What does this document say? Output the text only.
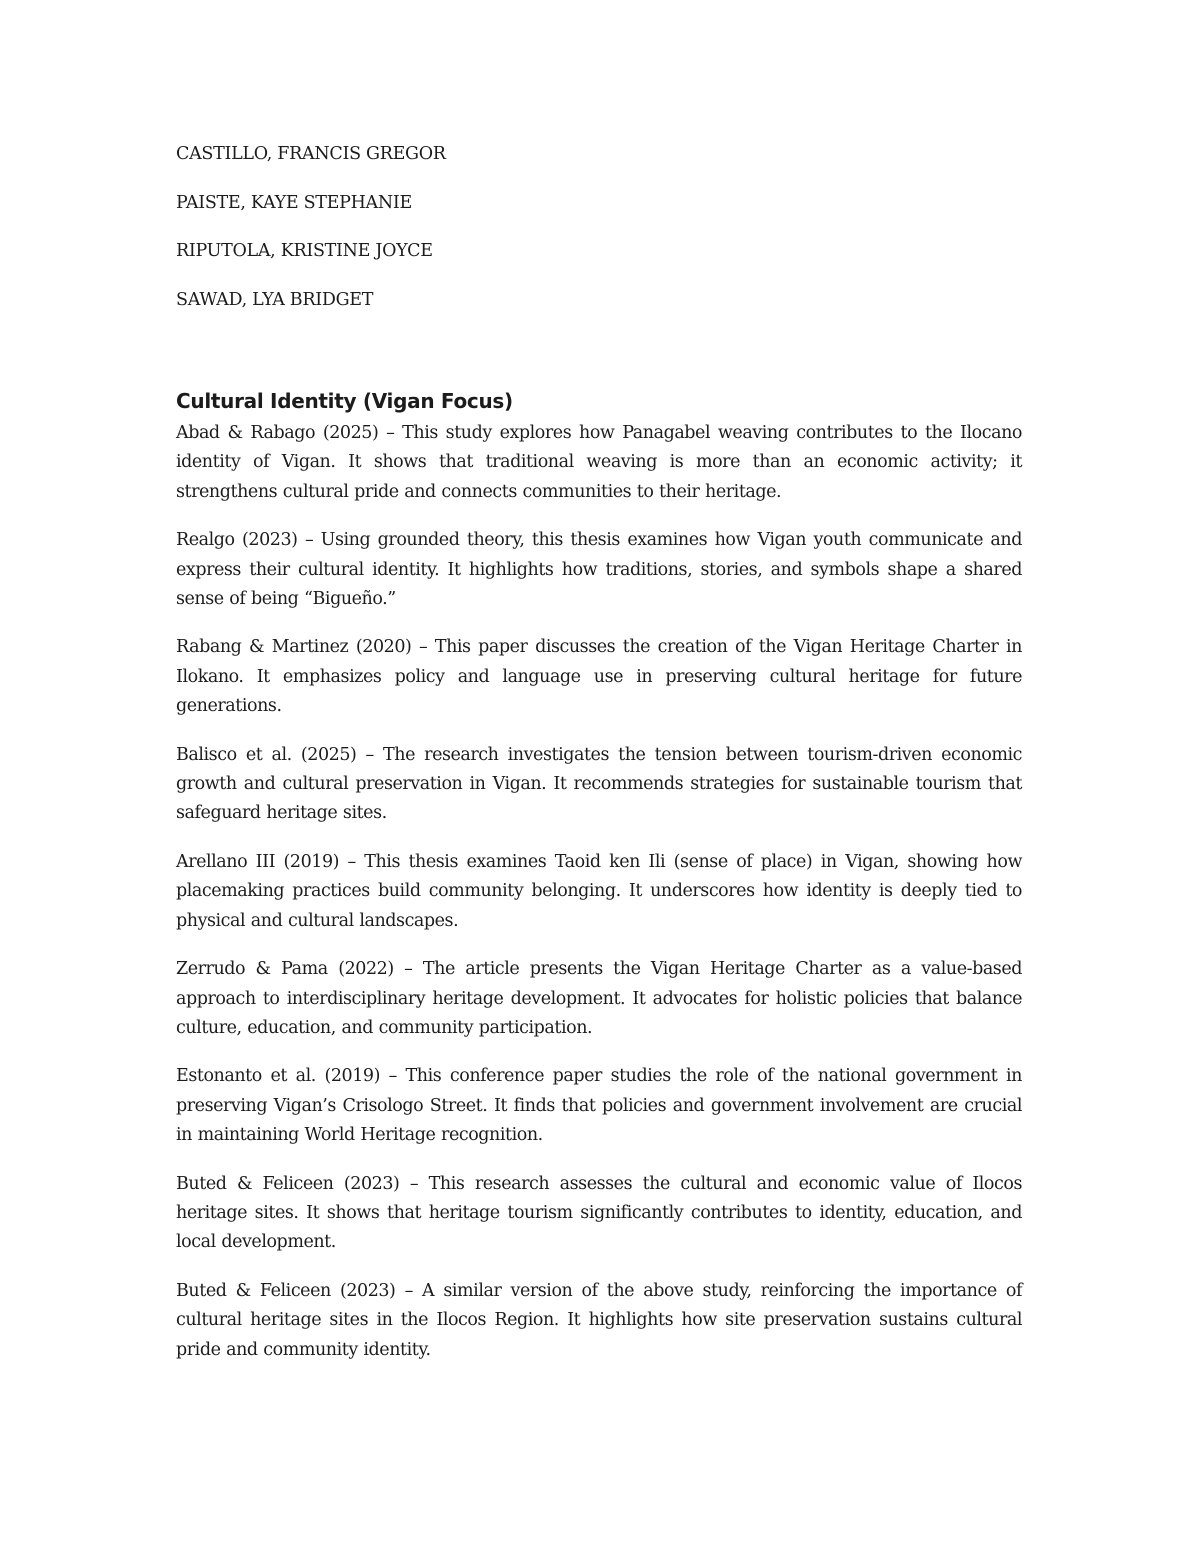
CASTILLO, FRANCIS GREGOR
PAISTE, KAYE STEPHANIE
RIPUTOLA, KRISTINE JOYCE
SAWAD, LYA BRIDGET
Cultural Identity (Vigan Focus)

Abad & Rabago (2025) – This study explores how Panagabel weaving contributes to the Ilocano identity of Vigan. It shows that traditional weaving is more than an economic activity; it strengthens cultural pride and connects communities to their heritage.

Realgo (2023) – Using grounded theory, this thesis examines how Vigan youth communicate and express their cultural identity. It highlights how traditions, stories, and symbols shape a shared sense of being “Bigueño.”

Rabang & Martinez (2020) – This paper discusses the creation of the Vigan Heritage Charter in Ilokano. It emphasizes policy and language use in preserving cultural heritage for future generations.

Balisco et al. (2025) – The research investigates the tension between tourism-driven economic growth and cultural preservation in Vigan. It recommends strategies for sustainable tourism that safeguard heritage sites.

Arellano III (2019) – This thesis examines Taoid ken Ili (sense of place) in Vigan, showing how placemaking practices build community belonging. It underscores how identity is deeply tied to physical and cultural landscapes.

Zerrudo & Pama (2022) – The article presents the Vigan Heritage Charter as a value-based approach to interdisciplinary heritage development. It advocates for holistic policies that balance culture, education, and community participation.

Estonanto et al. (2019) – This conference paper studies the role of the national government in preserving Vigan’s Crisologo Street. It finds that policies and government involvement are crucial in maintaining World Heritage recognition.

Buted & Feliceen (2023) – This research assesses the cultural and economic value of Ilocos heritage sites. It shows that heritage tourism significantly contributes to identity, education, and local development.

Buted & Feliceen (2023) – A similar version of the above study, reinforcing the importance of cultural heritage sites in the Ilocos Region. It highlights how site preservation sustains cultural pride and community identity.
